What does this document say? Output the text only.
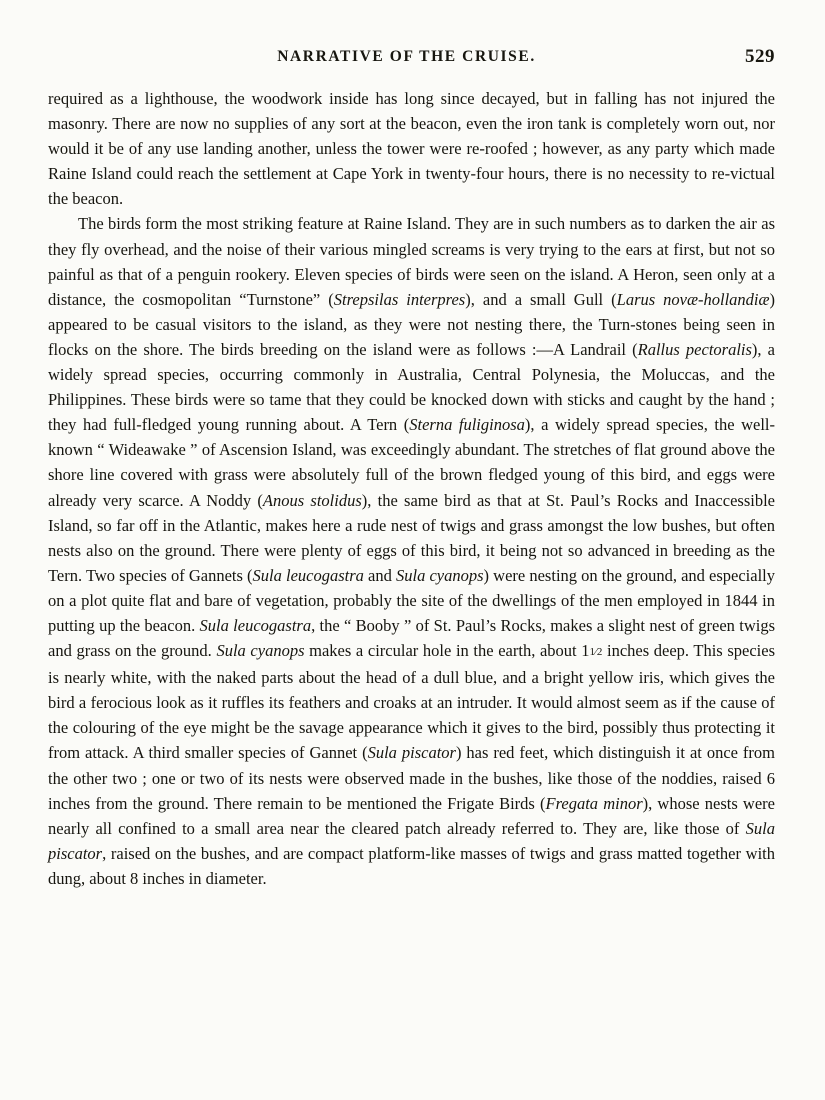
NARRATIVE OF THE CRUISE.	529

required as a lighthouse, the woodwork inside has long since decayed, but in falling has not injured the masonry. There are now no supplies of any sort at the beacon, even the iron tank is completely worn out, nor would it be of any use landing another, unless the tower were re-roofed ; however, as any party which made Raine Island could reach the settlement at Cape York in twenty-four hours, there is no necessity to re-victual the beacon.

The birds form the most striking feature at Raine Island. They are in such numbers as to darken the air as they fly overhead, and the noise of their various mingled screams is very trying to the ears at first, but not so painful as that of a penguin rookery. Eleven species of birds were seen on the island. A Heron, seen only at a distance, the cosmopolitan “Turnstone” (Strepsilas interpres), and a small Gull (Larus novæ-hollandiæ) appeared to be casual visitors to the island, as they were not nesting there, the Turn-stones being seen in flocks on the shore. The birds breeding on the island were as follows :—A Landrail (Rallus pectoralis), a widely spread species, occurring commonly in Australia, Central Polynesia, the Moluccas, and the Philippines. These birds were so tame that they could be knocked down with sticks and caught by the hand ; they had full-fledged young running about. A Tern (Sterna fuliginosa), a widely spread species, the well-known “ Wideawake ” of Ascension Island, was exceedingly abundant. The stretches of flat ground above the shore line covered with grass were absolutely full of the brown fledged young of this bird, and eggs were already very scarce. A Noddy (Anous stolidus), the same bird as that at St. Paul’s Rocks and Inaccessible Island, so far off in the Atlantic, makes here a rude nest of twigs and grass amongst the low bushes, but often nests also on the ground. There were plenty of eggs of this bird, it being not so advanced in breeding as the Tern. Two species of Gannets (Sula leucogastra and Sula cyanops) were nesting on the ground, and especially on a plot quite flat and bare of vegetation, probably the site of the dwellings of the men employed in 1844 in putting up the beacon. Sula leucogastra, the “ Booby ” of St. Paul’s Rocks, makes a slight nest of green twigs and grass on the ground. Sula cyanops makes a circular hole in the earth, about 11⁄2 inches deep. This species is nearly white, with the naked parts about the head of a dull blue, and a bright yellow iris, which gives the bird a ferocious look as it ruffles its feathers and croaks at an intruder. It would almost seem as if the cause of the colouring of the eye might be the savage appearance which it gives to the bird, possibly thus protecting it from attack. A third smaller species of Gannet (Sula piscator) has red feet, which distinguish it at once from the other two ; one or two of its nests were observed made in the bushes, like those of the noddies, raised 6 inches from the ground. There remain to be mentioned the Frigate Birds (Fregata minor), whose nests were nearly all confined to a small area near the cleared patch already referred to. They are, like those of Sula piscator, raised on the bushes, and are compact platform-like masses of twigs and grass matted together with dung, about 8 inches in diameter.
